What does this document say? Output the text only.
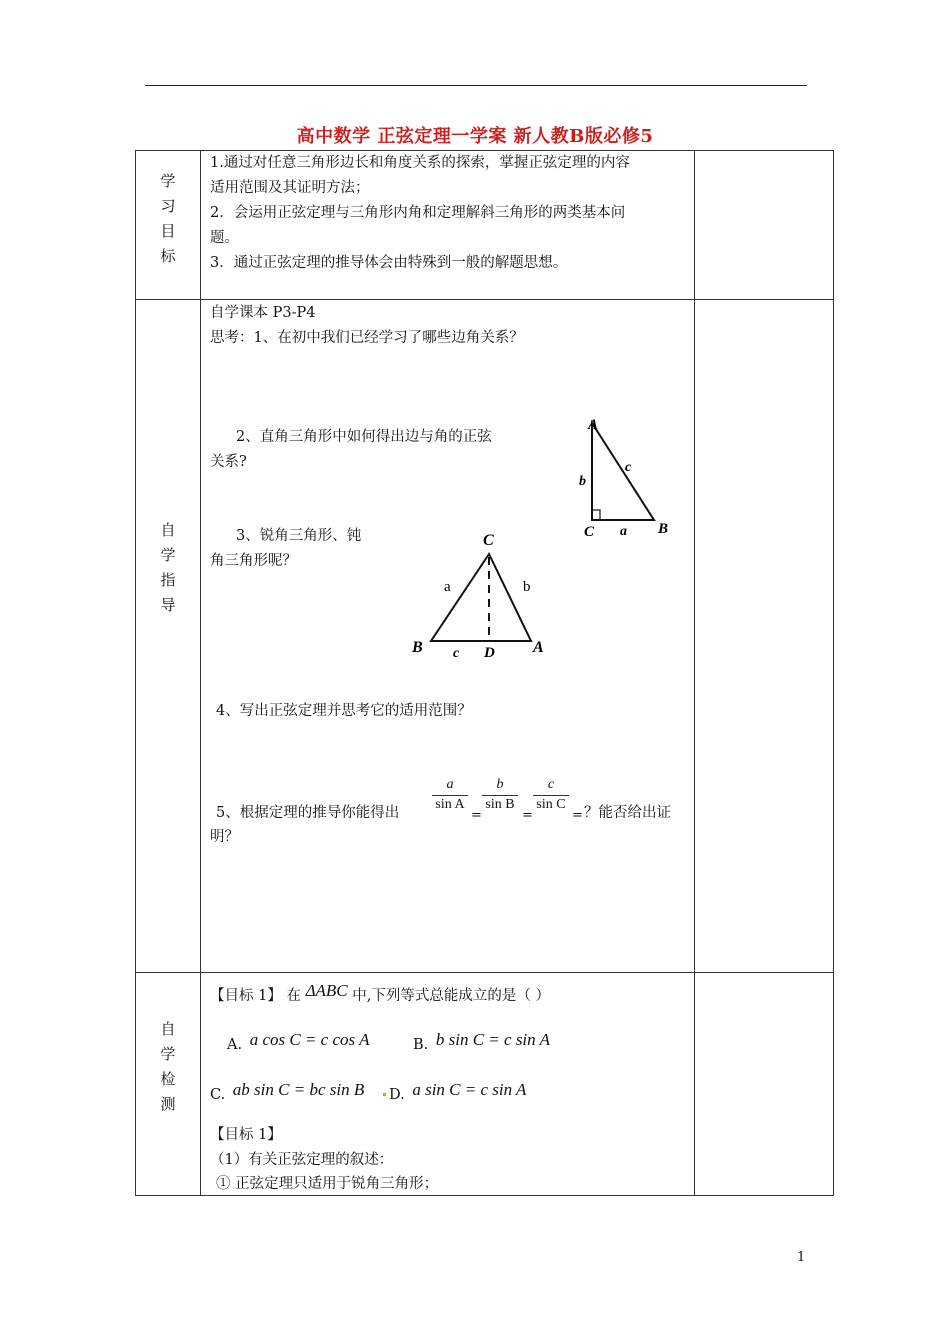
高中数学 正弦定理一学案 新人教B版必修5
学
习
目
标
1.通过对任意三角形边长和角度关系的探索，掌握正弦定理的内容
适用范围及其证明方法；
2．会运用正弦定理与三角形内角和定理解斜三角形的两类基本问
题。
3．通过正弦定理的推导体会由特殊到一般的解题思想。
自
学
指
导
自学课本 P3-P4
思考：1、在初中我们已经学习了哪些边角关系？
2、直角三角形中如何得出边与角的正弦
关系?
3、锐角三角形、钝
角三角形呢？
A
b
c
C a B
C
a	b
B c D A
4、写出正弦定理并思考它的适用范围？
5、根据定理的推导你能得出 $\frac{a}{\text{sin A}}$
=
$\frac{b}{\text{sin B}}$
=
$\frac{c}{\text{sin C}}$
= ？能否给出证
明？
自
学
检
测
【目标 1】 在 ΔABC 中,下列等式总能成立的是（ ）
A. a cos C = c cos A	B. b sin C = c sin A
C. ab sin C = bc sin B D. a sin C = c sin A
【目标 1】
（1）有关正弦定理的叙述：
① 正弦定理只适用于锐角三角形；
1
